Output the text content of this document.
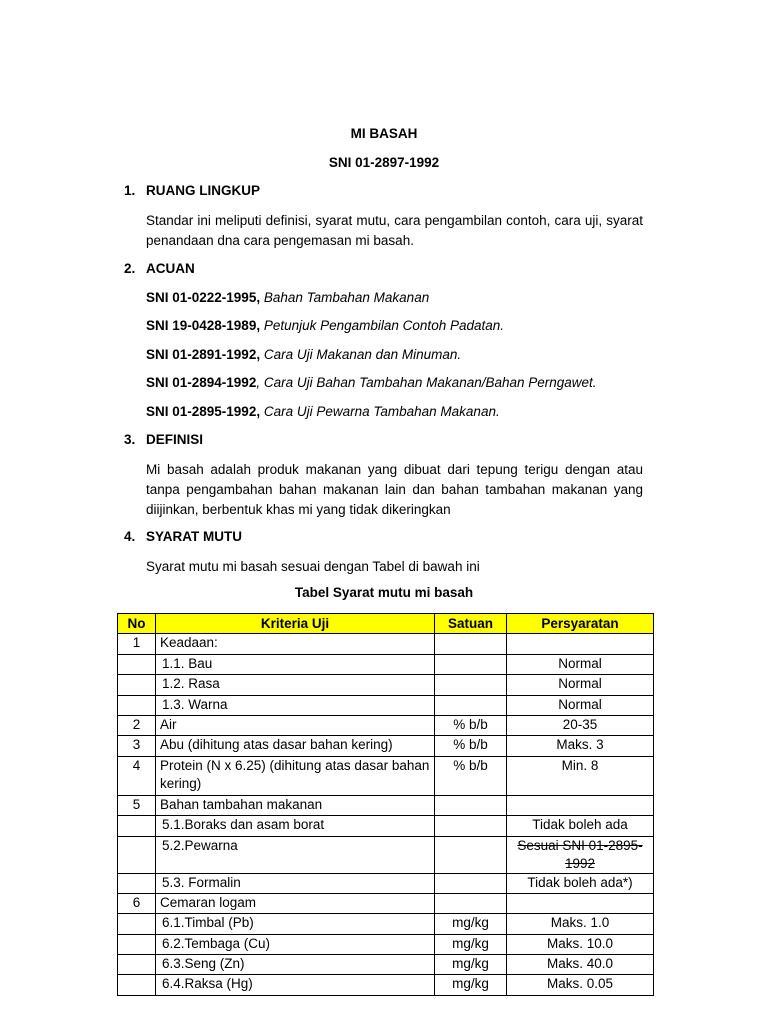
MI BASAH
SNI 01-2897-1992
1. RUANG LINGKUP
Standar ini meliputi definisi, syarat mutu, cara pengambilan contoh, cara uji, syarat penandaan dna cara pengemasan mi basah.
2. ACUAN
SNI 01-0222-1995, Bahan Tambahan Makanan
SNI 19-0428-1989, Petunjuk Pengambilan Contoh Padatan.
SNI 01-2891-1992, Cara Uji Makanan dan Minuman.
SNI 01-2894-1992, Cara Uji Bahan Tambahan Makanan/Bahan Perngawet.
SNI 01-2895-1992, Cara Uji Pewarna Tambahan Makanan.
3. DEFINISI
Mi basah adalah produk makanan yang dibuat dari tepung terigu dengan atau tanpa pengambahan bahan makanan lain dan bahan tambahan makanan yang diijinkan, berbentuk khas mi yang tidak dikeringkan
4. SYARAT MUTU
Syarat mutu mi basah sesuai dengan Tabel di bawah ini
Tabel Syarat mutu mi basah
No	Kriteria Uji	Satuan	Persyaratan
1	Keadaan:		
	1.1. Bau		Normal
	1.2. Rasa		Normal
	1.3. Warna		Normal
2	Air	% b/b	20-35
3	Abu (dihitung atas dasar bahan kering)	% b/b	Maks. 3
4	Protein (N x 6.25) (dihitung atas dasar bahan kering)	% b/b	Min. 8
5	Bahan tambahan makanan		
	5.1.Boraks dan asam borat		Tidak boleh ada
	5.2.Pewarna		Sesuai SNI 01-2895-1992
	5.3. Formalin		Tidak boleh ada*)
6	Cemaran logam		
	6.1.Timbal (Pb)	mg/kg	Maks. 1.0
	6.2.Tembaga (Cu)	mg/kg	Maks. 10.0
	6.3.Seng (Zn)	mg/kg	Maks. 40.0
	6.4.Raksa (Hg)	mg/kg	Maks. 0.05
